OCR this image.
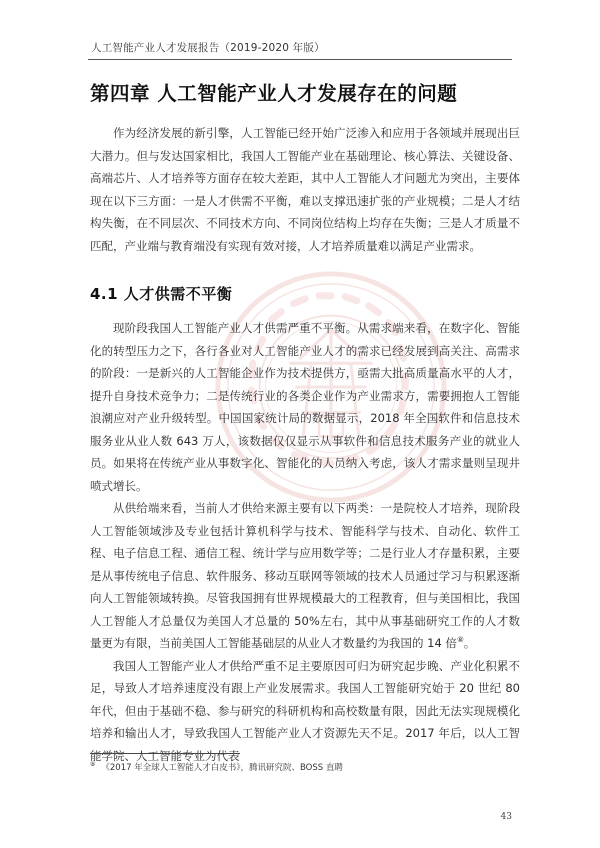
人工智能产业人才发展报告（2019-2020 年版）
第四章 人工智能产业人才发展存在的问题

作为经济发展的新引擎，人工智能已经开始广泛渗入和应用于各领域并展现出巨大潜力。但与发达国家相比，我国人工智能产业在基础理论、核心算法、关键设备、高端芯片、人才培养等方面存在较大差距，其中人工智能人才问题尤为突出，主要体现在以下三方面：一是人才供需不平衡，难以支撑迅速扩张的产业规模；二是人才结构失衡，在不同层次、不同技术方向、不同岗位结构上均存在失衡；三是人才质量不匹配，产业端与教育端没有实现有效对接，人才培养质量难以满足产业需求。

4.1 人才供需不平衡

现阶段我国人工智能产业人才供需严重不平衡。从需求端来看，在数字化、智能化的转型压力之下，各行各业对人工智能产业人才的需求已经发展到高关注、高需求的阶段：一是新兴的人工智能企业作为技术提供方，亟需大批高质量高水平的人才，提升自身技术竞争力；二是传统行业的各类企业作为产业需求方，需要拥抱人工智能浪潮应对产业升级转型。中国国家统计局的数据显示，2018 年全国软件和信息技术服务业从业人数 643 万人，该数据仅仅显示从事软件和信息技术服务产业的就业人员。如果将在传统产业从事数字化、智能化的人员纳入考虑，该人才需求量则呈现井喷式增长。

从供给端来看，当前人才供给来源主要有以下两类：一是院校人才培养，现阶段人工智能领域涉及专业包括计算机科学与技术、智能科学与技术、自动化、软件工程、电子信息工程、通信工程、统计学与应用数学等；二是行业人才存量积累，主要是从事传统电子信息、软件服务、移动互联网等领域的技术人员通过学习与积累逐渐向人工智能领域转换。尽管我国拥有世界规模最大的工程教育，但与美国相比，我国人工智能人才总量仅为美国人才总量的 50%左右，其中从事基础研究工作的人才数量更为有限，当前美国人工智能基础层的从业人才数量约为我国的 14 倍⑧。

我国人工智能产业人才供给严重不足主要原因可归为研究起步晚、产业化积累不足，导致人才培养速度没有跟上产业发展需求。我国人工智能研究始于 20 世纪 80 年代，但由于基础不稳、参与研究的科研机构和高校数量有限，因此无法实现规模化培养和输出人才，导致我国人工智能产业人才资源先天不足。2017 年后，以人工智能学院、人工智能专业为代表

⑧ 《2017 年全球人工智能人才白皮书》，腾讯研究院、BOSS 直聘
43
